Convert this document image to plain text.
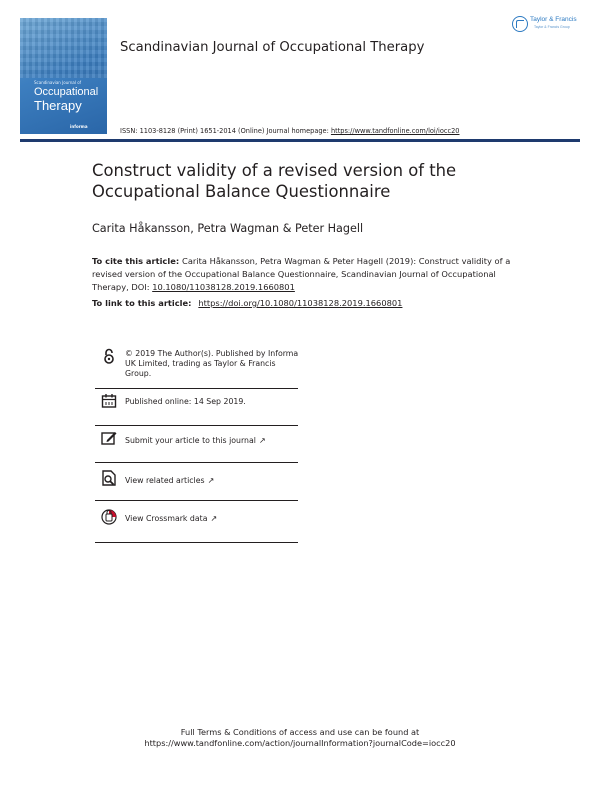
Scandinavian Journal of
Occupational
Therapy
informa
Scandinavian Journal of Occupational Therapy
Taylor & Francis
Taylor & Francis Group
ISSN: 1103-8128 (Print) 1651-2014 (Online) Journal homepage: https://www.tandfonline.com/loi/iocc20
Construct validity of a revised version of the Occupational Balance Questionnaire
Carita Håkansson, Petra Wagman & Peter Hagell
To cite this article: Carita Håkansson, Petra Wagman & Peter Hagell (2019): Construct validity of a revised version of the Occupational Balance Questionnaire, Scandinavian Journal of Occupational Therapy, DOI: 10.1080/11038128.2019.1660801
To link to this article: https://doi.org/10.1080/11038128.2019.1660801
© 2019 The Author(s). Published by Informa UK Limited, trading as Taylor & Francis Group.
Published online: 14 Sep 2019.
Submit your article to this journal ↗
View related articles ↗
View Crossmark data ↗
Full Terms & Conditions of access and use can be found at
https://www.tandfonline.com/action/journalInformation?journalCode=iocc20
